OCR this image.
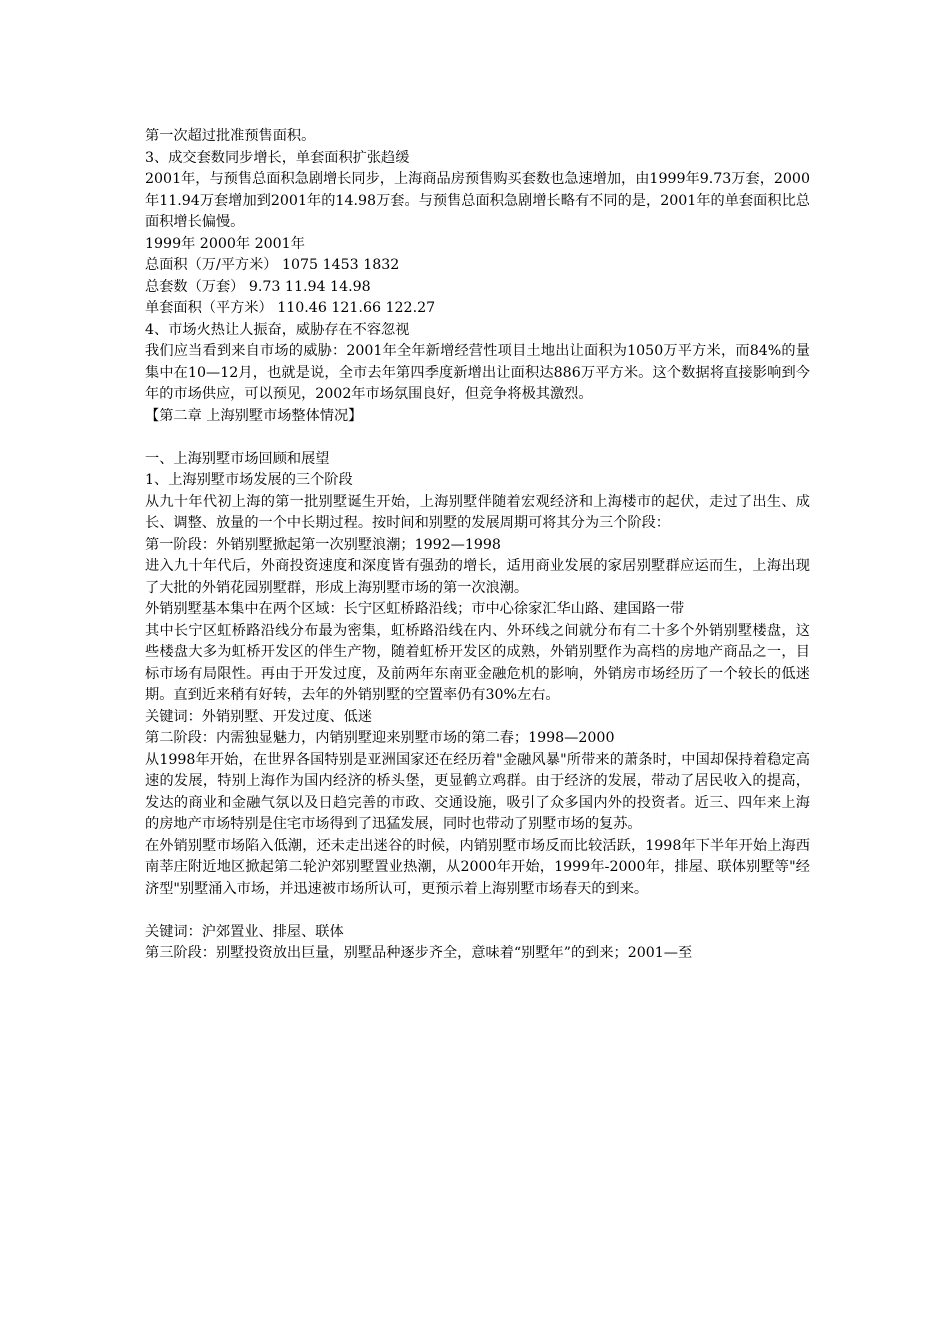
第一次超过批准预售面积。
3、成交套数同步增长，单套面积扩张趋缓
2001年，与预售总面积急剧增长同步，上海商品房预售购买套数也急速增加，由1999年9.73万套，2000年11.94万套增加到2001年的14.98万套。与预售总面积急剧增长略有不同的是，2001年的单套面积比总面积增长偏慢。
1999年 2000年 2001年
总面积（万/平方米） 1075 1453 1832
总套数（万套） 9.73 11.94 14.98
单套面积（平方米） 110.46 121.66 122.27
4、市场火热让人振奋，威胁存在不容忽视
我们应当看到来自市场的威胁：2001年全年新增经营性项目土地出让面积为1050万平方米，而84%的量集中在10—12月，也就是说，全市去年第四季度新增出让面积达886万平方米。这个数据将直接影响到今年的市场供应，可以预见，2002年市场氛围良好，但竞争将极其激烈。
【第二章 上海别墅市场整体情况】
一、上海别墅市场回顾和展望
1、上海别墅市场发展的三个阶段
从九十年代初上海的第一批别墅诞生开始，上海别墅伴随着宏观经济和上海楼市的起伏，走过了出生、成长、调整、放量的一个中长期过程。按时间和别墅的发展周期可将其分为三个阶段：
第一阶段：外销别墅掀起第一次别墅浪潮；1992—1998
进入九十年代后，外商投资速度和深度皆有强劲的增长，适用商业发展的家居别墅群应运而生，上海出现了大批的外销花园别墅群，形成上海别墅市场的第一次浪潮。
外销别墅基本集中在两个区域：长宁区虹桥路沿线；市中心徐家汇华山路、建国路一带
其中长宁区虹桥路沿线分布最为密集，虹桥路沿线在内、外环线之间就分布有二十多个外销别墅楼盘，这些楼盘大多为虹桥开发区的伴生产物，随着虹桥开发区的成熟，外销别墅作为高档的房地产商品之一，目标市场有局限性。再由于开发过度，及前两年东南亚金融危机的影响，外销房市场经历了一个较长的低迷期。直到近来稍有好转，去年的外销别墅的空置率仍有30%左右。
关键词：外销别墅、开发过度、低迷
第二阶段：内需独显魅力，内销别墅迎来别墅市场的第二春；1998—2000
从1998年开始，在世界各国特别是亚洲国家还在经历着"金融风暴"所带来的萧条时，中国却保持着稳定高速的发展，特别上海作为国内经济的桥头堡，更显鹤立鸡群。由于经济的发展，带动了居民收入的提高，发达的商业和金融气氛以及日趋完善的市政、交通设施，吸引了众多国内外的投资者。近三、四年来上海的房地产市场特别是住宅市场得到了迅猛发展，同时也带动了别墅市场的复苏。
在外销别墅市场陷入低潮，还未走出迷谷的时候，内销别墅市场反而比较活跃，1998年下半年开始上海西南莘庄附近地区掀起第二轮沪郊别墅置业热潮，从2000年开始，1999年-2000年，排屋、联体别墅等"经济型"别墅涌入市场，并迅速被市场所认可，更预示着上海别墅市场春天的到来。
关键词：沪郊置业、排屋、联体
第三阶段：别墅投资放出巨量，别墅品种逐步齐全，意味着“别墅年”的到来；2001—至
